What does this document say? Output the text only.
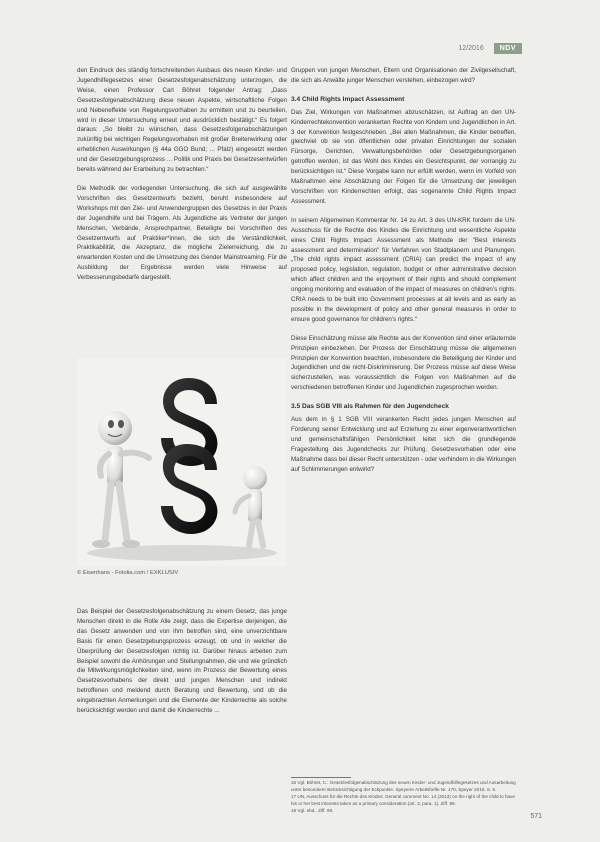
12/2016	NDV

den Eindruck des ständig fortschreitenden Ausbaus des neuen Kinder- und Jugendhilfegesetzes einer Gesetzesfolgenabschätzung unterzogen, die Weise, einen Professor Carl Böhret folgender Antrag: „Dass Gesetzesfolgenabschätzung diese neuen Aspekte, wirtschaftliche Folgen und Nebeneffekte von Regelungsvorhaben zu ermitteln und zu beurteilen, wird in dieser Untersuchung erneut und ausdrücklich bestätigt.“ Es folgert daraus: „So bleibt zu wünschen, dass Gesetzesfolgenabschätzungen zukünftig bei wichtigen Regelungsvorhaben mit großer Breitenwirkung oder erheblichen Auswirkungen (§ 44a GGO Bund; ... Pfalz) eingesetzt werden und der Gesetzgebungsprozess ... Politik und Praxis bei Gesetzesentwürfen bereits während der Erarbeitung zu betrachten.“

Die Methodik der vorliegenden Untersuchung, die sich auf ausgewählte Vorschriften des Gesetzentwurfs bezieht, beruht insbesondere auf Workshops mit den Ziel- und Anwendergruppen des Gesetzes in der Praxis der Jugendhilfe und bei Trägern. Als Jugendliche als Vertreter der jungen Menschen, Verbände, Ansprechpartner, Beteiligte bei Vorschriften des Gesetzentwurfs auf Praktiker*innen, die sich die Verständlichkeit, Praktikabilität, die Akzeptanz, die mögliche Zielerreichung, die zu erwartenden Kosten und die Umsetzung des Gender Mainstreaming. Für die Ausbildung der Ergebnisse werden viele Hinweise auf Verbesserungsbedarfe dargestellt.

© Eisenhans - Fotolia.com / EXKLUSIV
Das Beispiel der Gesetzesfolgenabschätzung zu einem Gesetz, das junge Menschen direkt in die Rolle Alle zeigt, dass die Expertise derjenigen, die das Gesetz anwenden und von ihm betroffen sind, eine unverzichtbare Basis für einen Gesetzgebungsprozess erzeugt, ob und in welcher die Überprüfung der Gesetzesfolgen richtig ist. Darüber hinaus arbeiten zum Beispiel sowohl die Anhörungen und Stellungnahmen, die und wie gründlich die Mitwirkungsmöglichkeiten sind, wenn im Prozess der Bewertung eines Gesetzesvorhabens der direkt und jungen Menschen und indirekt betroffenen und meldend durch Beratung und Bewertung, und ob die eingebrachten Anmerkungen und die Elemente der Kinderrechte als solche berücksichtigt werden und damit die Kinderrechte ...

Gruppen von jungen Menschen, Eltern und Organisationen der Zivilgesellschaft, die sich als Anwälte junger Menschen verstehen, einbezogen wird?

3.4 Child Rights Impact Assessment

Das Ziel, Wirkungen von Maßnahmen abzuschätzen, ist Auftrag an den UN-Kinderrechtekonvention verankerten Rechte von Kindern und Jugendlichen in Art. 3 der Konvention festgeschrieben. „Bei allen Maßnahmen, die Kinder betreffen, gleichviel ob sie von öffentlichen oder privaten Einrichtungen der sozialen Fürsorge, Gerichten, Verwaltungsbehörden oder Gesetzgebungsorganen getroffen werden, ist das Wohl des Kindes ein Gesichtspunkt, der vorrangig zu berücksichtigen ist.“ Diese Vorgabe kann nur erfüllt werden, wenn im Vorfeld von Maßnahmen eine Abschätzung der Folgen für die Umsetzung der jeweiligen Vorschriften von Kinderrechten erfolgt, das sogenannte Child Rights Impact Assessment.

In seinem Allgemeinen Kommentar Nr. 14 zu Art. 3 des UN-KRK fordern die UN-Ausschuss für die Rechte des Kindes die Einrichtung und wesentliche Aspekte eines Child Rights Impact Assessment als Methode der "Best interests assessment and determination" für Verfahren von Stadtplanern und Planungen. „The child rights impact assessment (CRIA) can predict the impact of any proposed policy, legislation, regulation, budget or other administrative decision which affect children and the enjoyment of their rights and should complement ongoing monitoring and evaluation of the impact of measures on children’s rights. CRIA needs to be built into Government processes at all levels and as early as possible in the development of policy and other general measures in order to ensure good governance for children’s rights.“

Diese Einschätzung müsse alle Rechte aus der Konvention sind einer erläuternde Prinzipien einbeziehen. Der Prozess der Einschätzung müsse die allgemeinen Prinzipien der Konvention beachten, insbesondere die Beteiligung der Kinder und Jugendlichen und die nicht-Diskriminierung. Der Prozess müsse auf diese Weise sicherzustellen, was voraussichtlich die Folgen von Maßnahmen auf die verschiedenen betroffenen Kinder und Jugendlichen zugesprochen werden.

3.5 Das SGB VIII als Rahmen für den Jugendcheck

Aus dem in § 1 SGB VIII verankerten Recht jedes jungen Menschen auf Förderung seiner Entwicklung und auf Erziehung zu einer eigenverantwortlichen und gemeinschaftsfähigen Persönlichkeit leitet sich die grundlegende Fragestellung des Jugendchecks zur Prüfung. Gesetzesvorhaben oder eine Maßnahme dass bei dieser Recht unterstützen - oder verhindern in die Wirkungen auf Schlimmerungen entwirkt?

16 Vgl. Böhret, C.: Gesetzesfolgenabschätzung des neuen Kinder- und Jugendhilfegesetzes und Ausarbeitung unter besonderer Berücksichtigung der Eckpunkte. Speyerer Arbeitshefte Nr. 170, Speyer 2010, S. 5.
17 UN, Ausschuss für die Rechte des Kindes: General comment No. 14 (2013) on the right of the child to have his or her best interests taken as a primary consideration (art. 3, para. 1), Ziff. 99.
18 Vgl. ebd., Ziff. 99.
571
